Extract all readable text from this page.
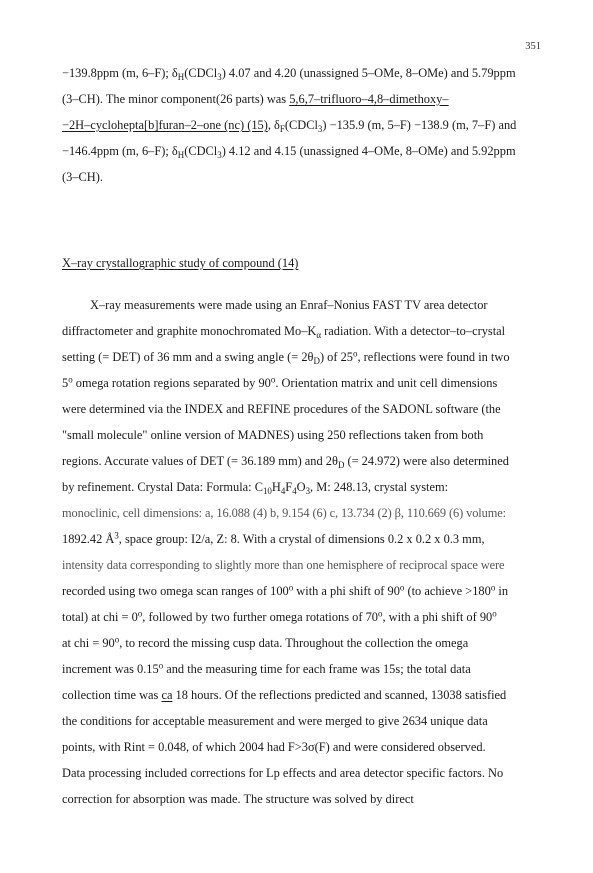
351
−139.8ppm (m, 6–F); $\delta_H(CDCl_3)$ 4.07 and 4.20 (unassigned 5–OMe, 8–OMe) and 5.79ppm
(3–CH). The minor component(26 parts) was 5,6,7–trifluoro–4,8–dimethoxy–
−2H–cyclohepta[b]furan–2–one (nc) (15), $\delta_F(CDCl_3) -135.9$ (m, 5–F) −138.9 (m, 7–F) and
−146.4ppm (m, 6–F); $\delta_H(CDCl_3)$ 4.12 and 4.15 (unassigned 4–OMe, 8–OMe) and 5.92ppm
(3–CH).
X–ray crystallographic study of compound (14)
X–ray measurements were made using an Enraf–Nonius FAST TV area detector
diffractometer and graphite monochromated $Mo-K_\alpha$ radiation. With a detector–to–crystal
setting (= DET) of 36 mm and a swing angle (= $2\theta_D$) of 25$^o$, reflections were found in two
5$^o$ omega rotation regions separated by 90$^o$. Orientation matrix and unit cell dimensions
were determined via the INDEX and REFINE procedures of the SADONL software (the
"small molecule" online version of MADNES) using 250 reflections taken from both
regions. Accurate values of DET (= 36.189 mm) and $2\theta_D$ (= 24.972) were also determined
by refinement. Crystal Data: Formula: $C_{10}H_4F_4O_3$, M: 248.13, crystal system:
monoclinic, cell dimensions: a, 16.088 (4) b, 9.154 (6) c, 13.734 (2) β, 110.669 (6) volume:
1892.42 $Å^3$, space group: I2/a, Z: 8. With a crystal of dimensions 0.2 x 0.2 x 0.3 mm,
intensity data corresponding to slightly more than one hemisphere of reciprocal space were
recorded using two omega scan ranges of 100$^o$ with a phi shift of 90$^o$ (to achieve $>180^o$ in
total) at chi = $0^o$, followed by two further omega rotations of 70$^o$, with a phi shift of 90$^o$
at chi = $90^o$, to record the missing cusp data. Throughout the collection the omega
increment was 0.15$^o$ and the measuring time for each frame was 15s; the total data
collection time was ca 18 hours. Of the reflections predicted and scanned, 13038 satisfied
the conditions for acceptable measurement and were merged to give 2634 unique data
points, with Rint = 0.048, of which 2004 had F>3σ(F) and were considered observed.
Data processing included corrections for Lp effects and area detector specific factors. No
correction for absorption was made. The structure was solved by direct
